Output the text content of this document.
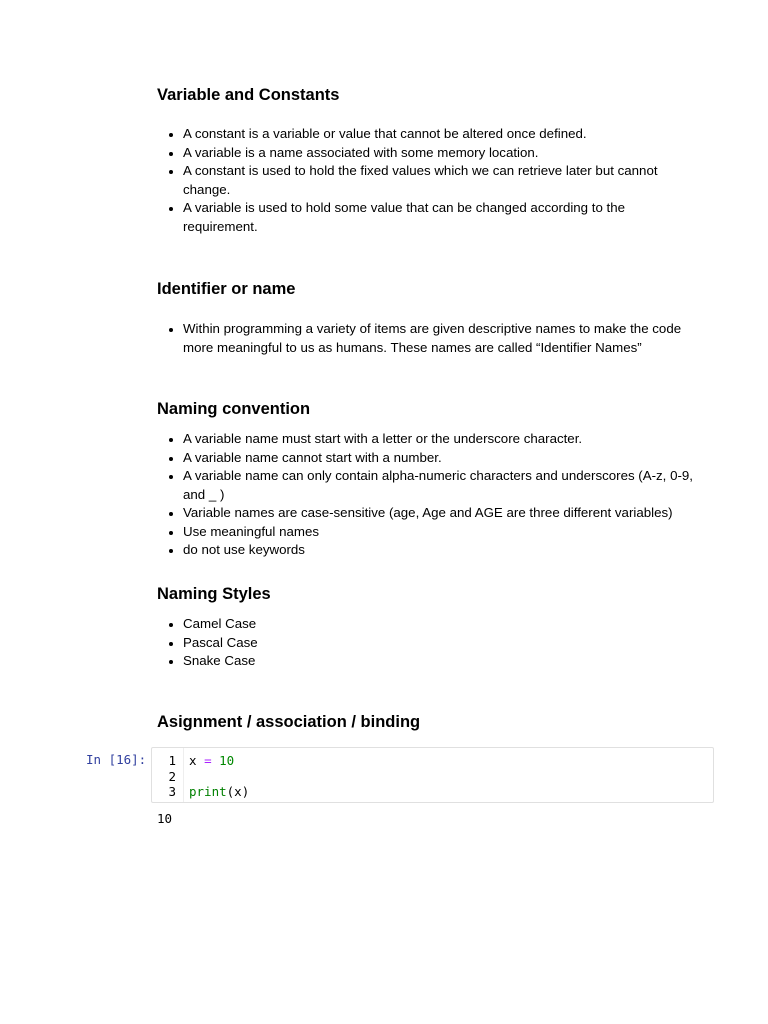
Variable and Constants
• A constant is a variable or value that cannot be altered once defined.
• A variable is a name associated with some memory location.
• A constant is used to hold the fixed values which we can retrieve later but cannot change.
• A variable is used to hold some value that can be changed according to the requirement.
Identifier or name
• Within programming a variety of items are given descriptive names to make the code more meaningful to us as humans. These names are called “Identifier Names”
Naming convention
• A variable name must start with a letter or the underscore character.
• A variable name cannot start with a number.
• A variable name can only contain alpha-numeric characters and underscores (A-z, 0-9, and _ )
• Variable names are case-sensitive (age, Age and AGE are three different variables)
• Use meaningful names
• do not use keywords
Naming Styles
• Camel Case
• Pascal Case
• Snake Case
Asignment / association / binding
In [16]:	1
2
3
x = 10
print(x)
10
